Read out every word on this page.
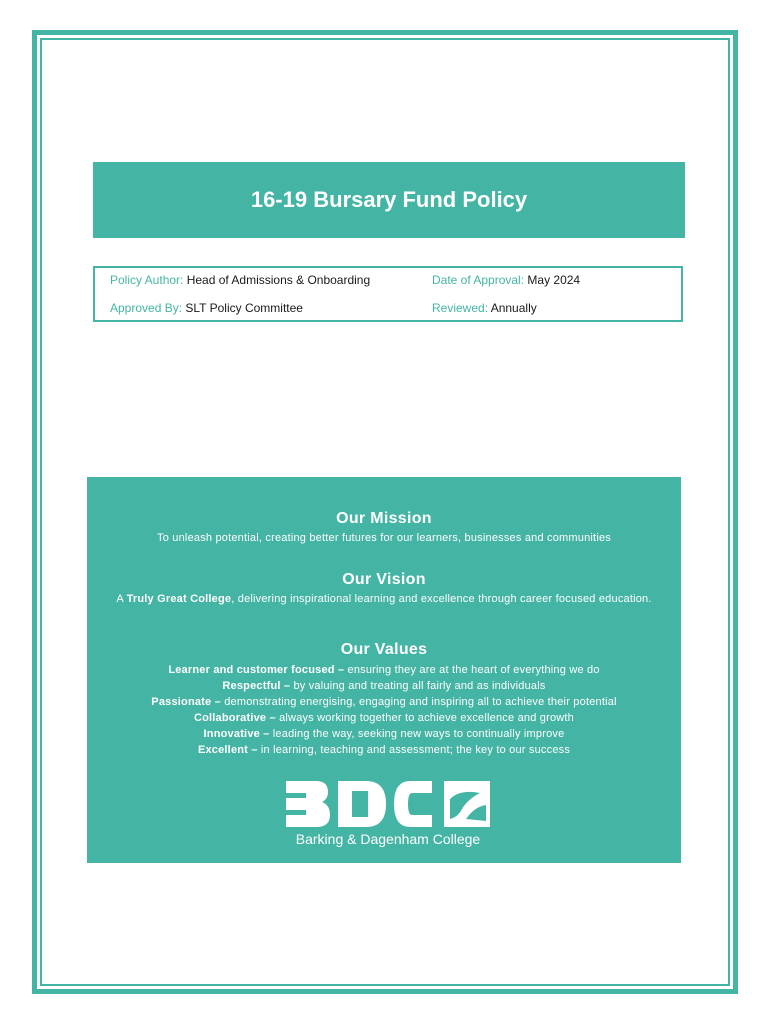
16-19 Bursary Fund Policy
Policy Author: Head of Admissions & Onboarding	Date of Approval: May 2024
Approved By: SLT Policy Committee	Reviewed: Annually
Our Mission

To unleash potential, creating better futures for our learners, businesses and communities

Our Vision

A Truly Great College, delivering inspirational learning and excellence through career focused education.

Our Values
Learner and customer focused – ensuring they are at the heart of everything we do
Respectful – by valuing and treating all fairly and as individuals
Passionate – demonstrating energising, engaging and inspiring all to achieve their potential
Collaborative – always working together to achieve excellence and growth
Innovative – leading the way, seeking new ways to continually improve
Excellent – in learning, teaching and assessment; the key to our success
Barking & Dagenham College
